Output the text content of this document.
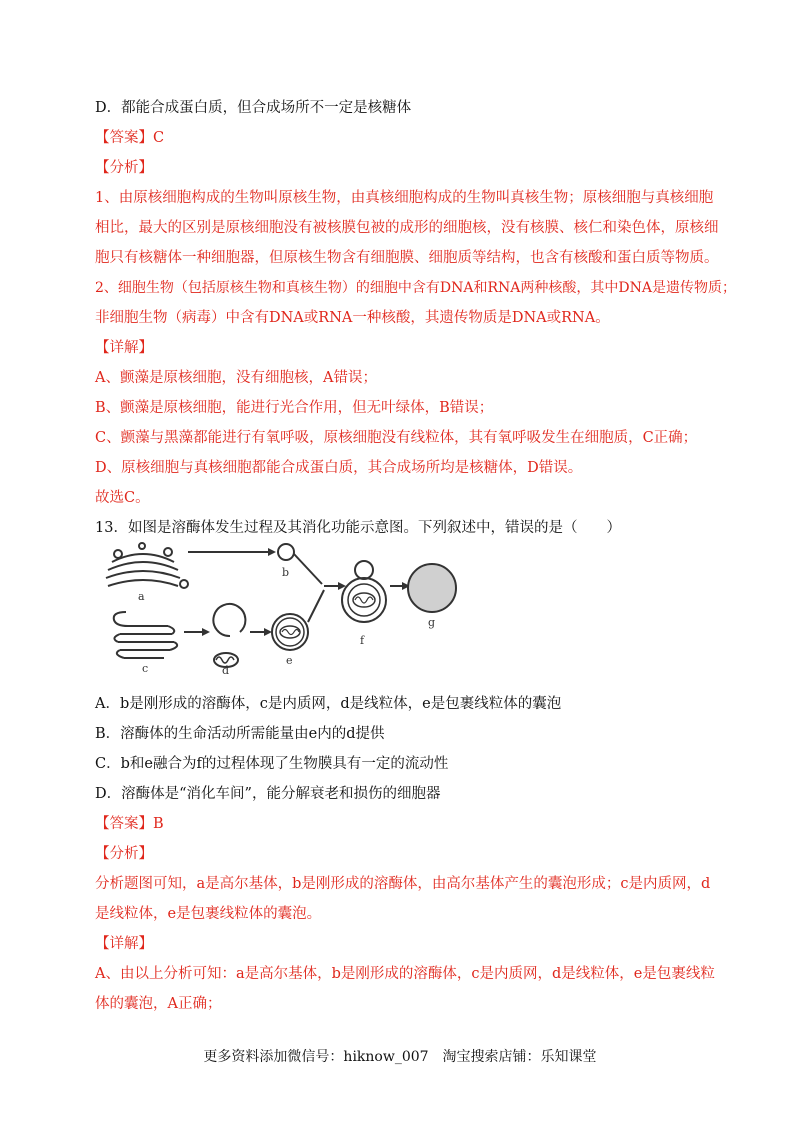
D．都能合成蛋白质，但合成场所不一定是核糖体
【答案】C
【分析】
1、由原核细胞构成的生物叫原核生物，由真核细胞构成的生物叫真核生物；原核细胞与真核细胞
相比，最大的区别是原核细胞没有被核膜包被的成形的细胞核，没有核膜、核仁和染色体，原核细
胞只有核糖体一种细胞器，但原核生物含有细胞膜、细胞质等结构，也含有核酸和蛋白质等物质。
2、细胞生物（包括原核生物和真核生物）的细胞中含有DNA和RNA两种核酸，其中DNA是遗传物质；
非细胞生物（病毒）中含有DNA或RNA一种核酸，其遗传物质是DNA或RNA。
【详解】
A、颤藻是原核细胞，没有细胞核，A错误；
B、颤藻是原核细胞，能进行光合作用，但无叶绿体，B错误；
C、颤藻与黑藻都能进行有氧呼吸，原核细胞没有线粒体，其有氧呼吸发生在细胞质，C正确；
D、原核细胞与真核细胞都能合成蛋白质，其合成场所均是核糖体，D错误。
故选C。
13．如图是溶酶体发生过程及其消化功能示意图。下列叙述中，错误的是（　　）
a
b
c	d
e
f
g
A．b是刚形成的溶酶体，c是内质网，d是线粒体，e是包裹线粒体的囊泡
B．溶酶体的生命活动所需能量由e内的d提供
C．b和e融合为f的过程体现了生物膜具有一定的流动性
D．溶酶体是“消化车间”，能分解衰老和损伤的细胞器
【答案】B
【分析】
分析题图可知，a是高尔基体，b是刚形成的溶酶体，由高尔基体产生的囊泡形成；c是内质网，d
是线粒体，e是包裹线粒体的囊泡。
【详解】
A、由以上分析可知：a是高尔基体，b是刚形成的溶酶体，c是内质网，d是线粒体，e是包裹线粒
体的囊泡，A正确；
更多资料添加微信号：hiknow_007　淘宝搜索店铺：乐知课堂
